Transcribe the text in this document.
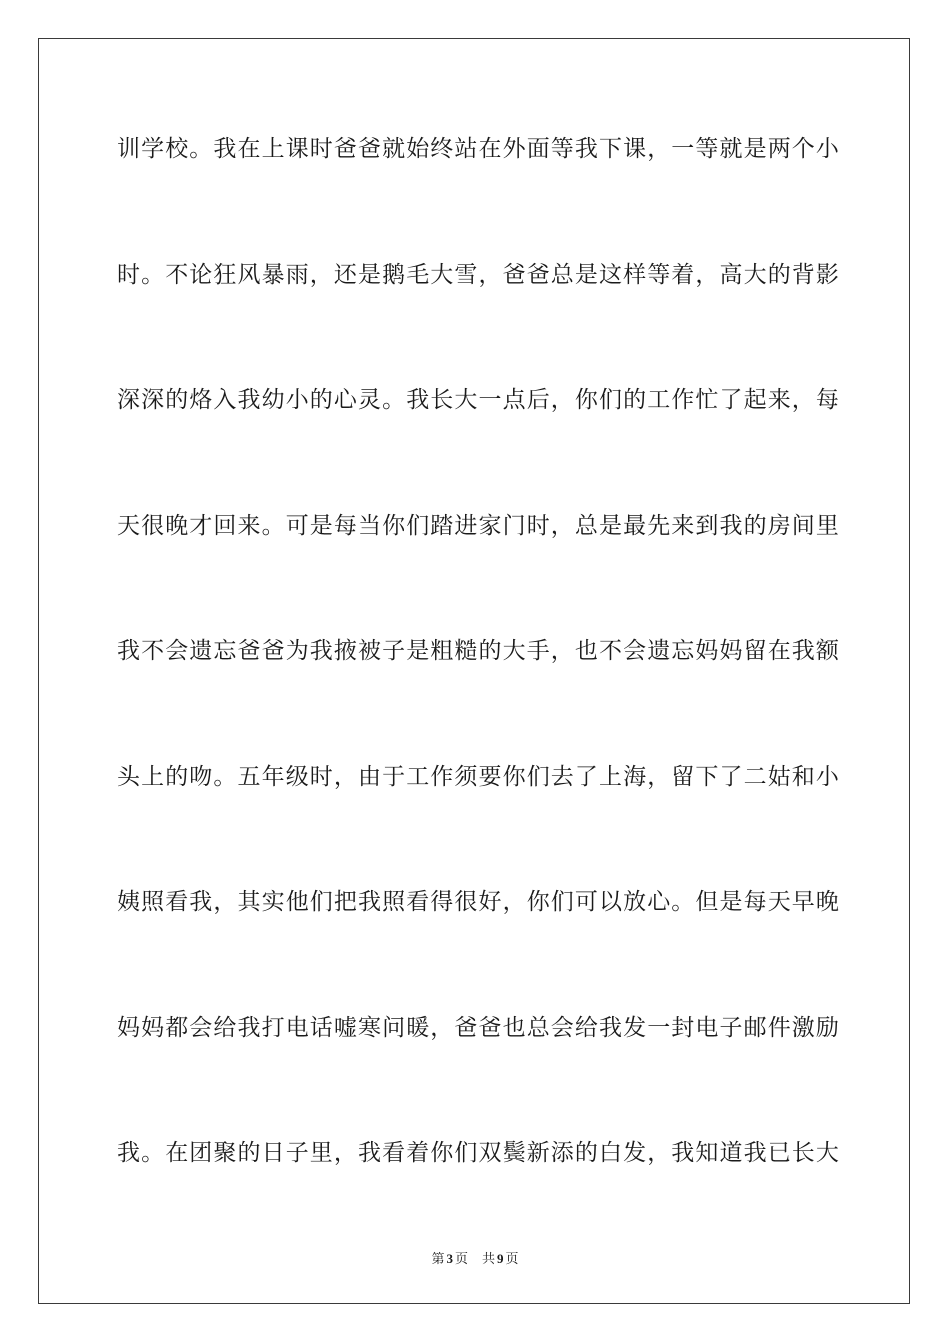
训学校。我在上课时爸爸就始终站在外面等我下课，一等就是两个小
时。不论狂风暴雨，还是鹅毛大雪，爸爸总是这样等着，高大的背影
深深的烙入我幼小的心灵。我长大一点后，你们的工作忙了起来，每
天很晚才回来。可是每当你们踏进家门时，总是最先来到我的房间里
我不会遗忘爸爸为我掖被子是粗糙的大手，也不会遗忘妈妈留在我额
头上的吻。五年级时，由于工作须要你们去了上海，留下了二姑和小
姨照看我，其实他们把我照看得很好，你们可以放心。但是每天早晚
妈妈都会给我打电话嘘寒问暖，爸爸也总会给我发一封电子邮件激励
我。在团聚的日子里，我看着你们双鬓新添的白发，我知道我已长大
第 3 页 共 9 页
